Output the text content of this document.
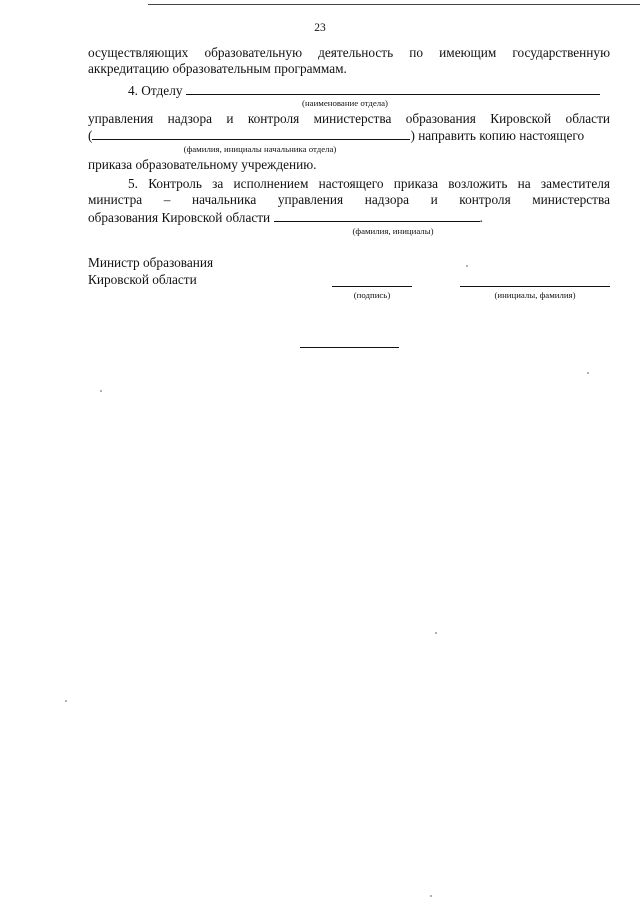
23
осуществляющих образовательную деятельность по имеющим государственную
аккредитацию образовательным программам.
4. Отделу
(наименование отдела)
управления надзора и контроля министерства образования Кировской области
(	) направить копию настоящего
(фамилия, инициалы начальника отдела)
приказа образовательному учреждению.
5. Контроль за исполнением настоящего приказа возложить на заместителя
министра – начальника управления надзора и контроля министерства
образования Кировской области	.
(фамилия, инициалы)
Министр образования
Кировской области
(подпись)	(инициалы, фамилия)
